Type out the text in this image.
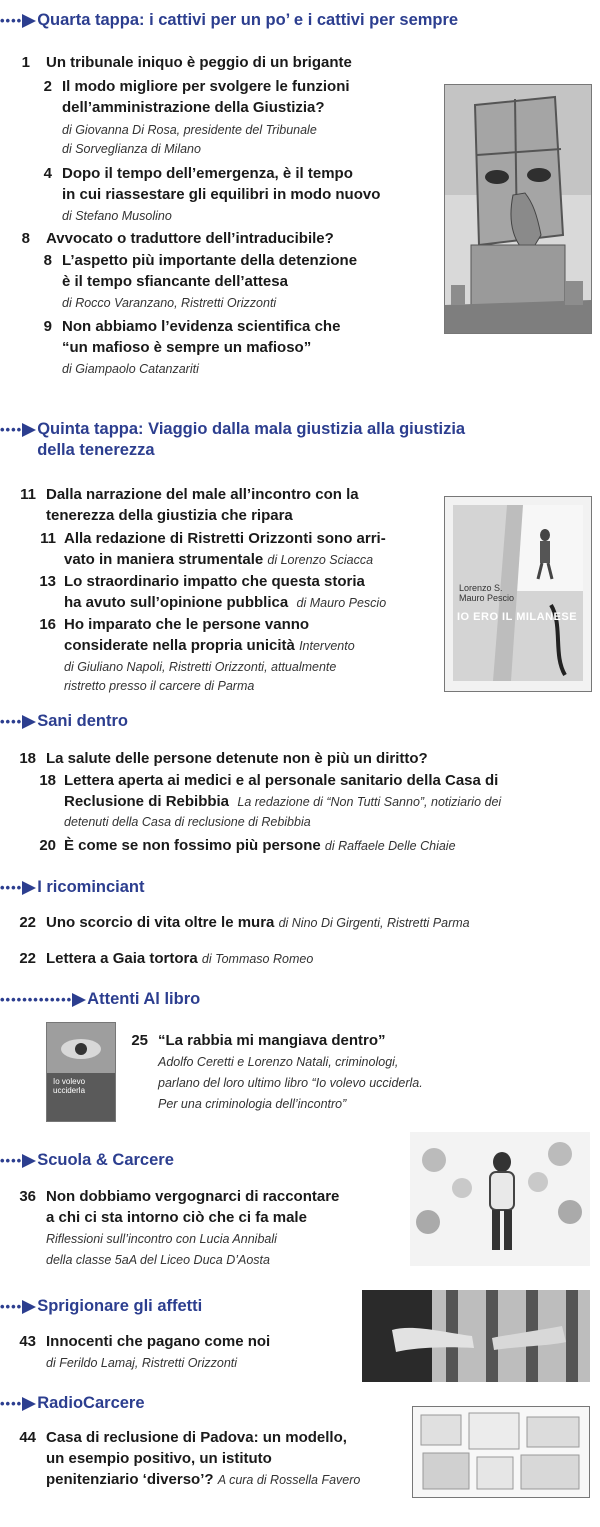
•••• Quarta tappa: i cattivi per un po’ e i cattivi per sempre
1 Un tribunale iniquo è peggio di un brigante
2 Il modo migliore per svolgere le funzioni
dell’amministrazione della Giustizia?
di Giovanna Di Rosa, presidente del Tribunale
di Sorveglianza di Milano
4 Dopo il tempo dell’emergenza, è il tempo
in cui riassestare gli equilibri in modo nuovo
di Stefano Musolino
8 Avvocato o traduttore dell’intraducibile?
8 L’aspetto più importante della detenzione
è il tempo sfiancante dell’attesa
di Rocco Varanzano, Ristretti Orizzonti
9 Non abbiamo l’evidenza scientifica che
“un mafioso è sempre un mafioso”
di Giampaolo Catanzariti
•••• Quinta tappa: Viaggio dalla mala giustizia alla giustizia
della tenerezza
11 Dalla narrazione del male all’incontro con la
tenerezza della giustizia che ripara
11 Alla redazione di Ristretti Orizzonti sono arri-
vato in maniera strumentale di Lorenzo Sciacca
13 Lo straordinario impatto che questa storia
ha avuto sull’opinione pubblica di Mauro Pescio
16 Ho imparato che le persone vanno
considerate nella propria unicità Intervento
di Giuliano Napoli, Ristretti Orizzonti, attualmente
ristretto presso il carcere di Parma
Lorenzo S.
Mauro Pescio
IO ERO IL MILANESE
•••• Sani dentro
18 La salute delle persone detenute non è più un diritto?
18 Lettera aperta ai medici e al personale sanitario della Casa di
Reclusione di Rebibbia La redazione di “Non Tutti Sanno”, notiziario dei
detenuti della Casa di reclusione di Rebibbia
20 È come se non fossimo più persone di Raffaele Delle Chiaie
•••• I ricominciant
22 Uno scorcio di vita oltre le mura di Nino Di Girgenti, Ristretti Parma
22 Lettera a Gaia tortora di Tommaso Romeo
••••••••••••• Attenti Al libro
Io volevo
ucciderla
25 “La rabbia mi mangiava dentro”
Adolfo Ceretti e Lorenzo Natali, criminologi,
parlano del loro ultimo libro “Io volevo ucciderla.
Per una criminologia dell’incontro”
•••• Scuola & Carcere
36 Non dobbiamo vergognarci di raccontare
a chi ci sta intorno ciò che ci fa male
Riflessioni sull’incontro con Lucia Annibali
della classe 5aA del Liceo Duca D’Aosta
•••• Sprigionare gli affetti
43 Innocenti che pagano come noi
di Ferildo Lamaj, Ristretti Orizzonti
•••• RadioCarcere
44 Casa di reclusione di Padova: un modello,
un esempio positivo, un istituto
penitenziario ‘diverso’? A cura di Rossella Favero
